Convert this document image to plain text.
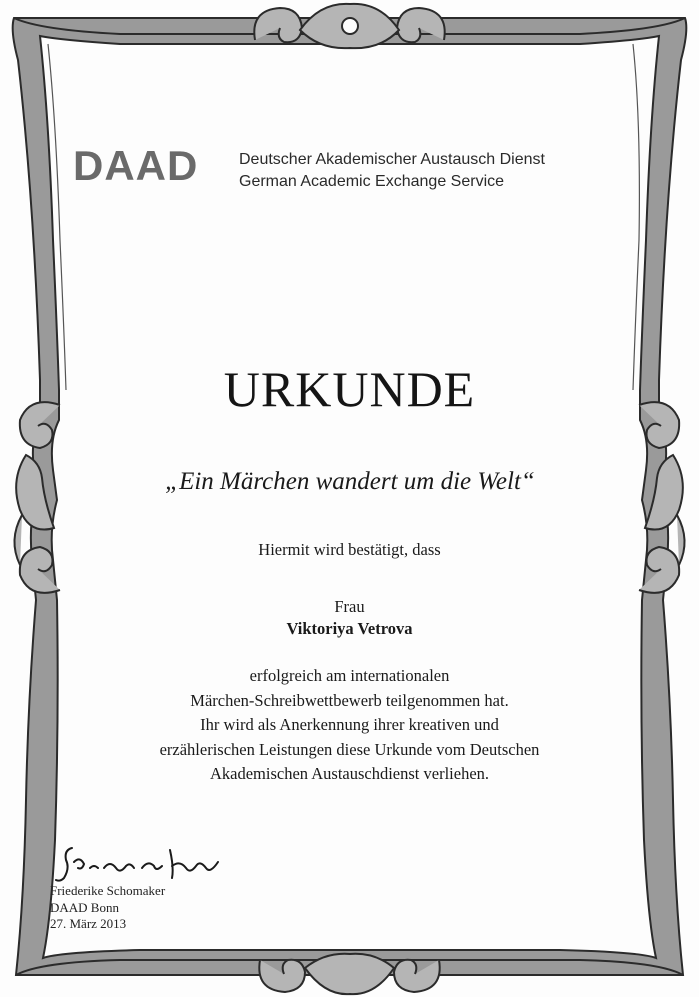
DAAD	Deutscher Akademischer Austausch Dienst
German Academic Exchange Service
URKUNDE
„Ein Märchen wandert um die Welt“
Hiermit wird bestätigt, dass
Frau
Viktoriya Vetrova
erfolgreich am internationalen
Märchen-Schreibwettbewerb teilgenommen hat.
Ihr wird als Anerkennung ihrer kreativen und
erzählerischen Leistungen diese Urkunde vom Deutschen
Akademischen Austauschdienst verliehen.
Friederike Schomaker
DAAD Bonn
27. März 2013
